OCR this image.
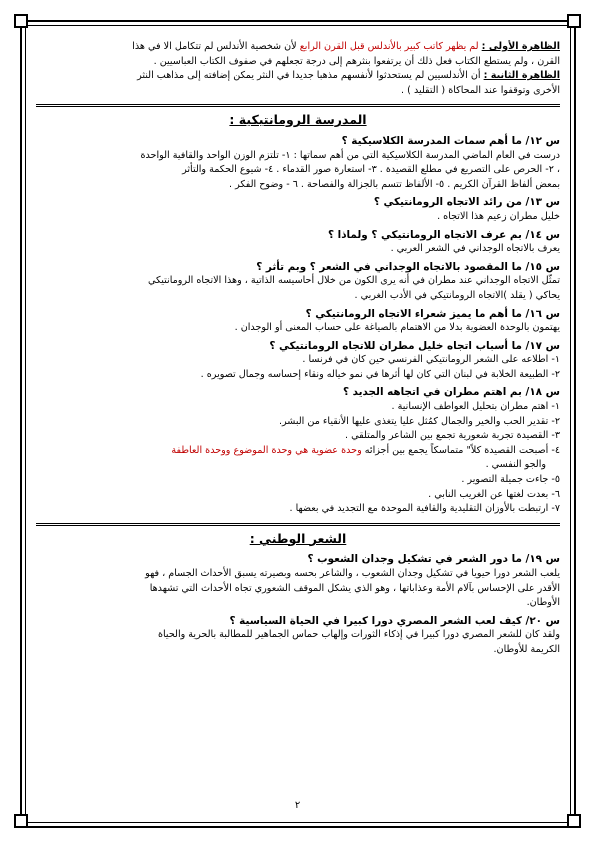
الظاهرة الأولى : لم يظهر كاتب كبير بالأندلس قبل القرن الرابع لأن شخصية الأندلس لم تتكامل الا في هذا

القرن ، ولم يستطع الكتاب فعل ذلك أن يرتفعوا بنثرهم إلى درجة تجعلهم في صفوف الكتاب العباسيين .

الظاهرة الثانية : أن الأندلسيين لم يستحدثوا لأنفسهم مذهبا جديدا في النثر يمكن إضافته إلى مذاهب النثر

الأخرى وتوقفوا عند المحاكاة ( التقليد ) .

المدرسة الرومانتيكية :

س ١٢/ ما أهم سمات المدرسة الكلاسيكية ؟

درست في العام الماضي المدرسة الكلاسيكية التي من أهم سماتها : ١- تلتزم الوزن الواحد والقافية الواحدة

، ٢- الحرص على التصريع في مطلع القصيدة . ٣- استعارة صور القدماء . ٤- شيوع الحكمة والتأثر

بمعض ألفاظ القرآن الكريم . ٥- الألفاظ تتسم بالجزالة والفصاحة . ٦ - وضوح الفكر .

س ١٣/ من رائد الاتجاه الرومانتيكي ؟

خليل مطران زعيم هذا الاتجاه .

س ١٤/ بم عرف الاتجاه الرومانتيكي ؟ ولماذا ؟

يعرف بالاتجاه الوجداني في الشعر العربي .

س ١٥/ ما المقصود بالاتجاه الوجداني في الشعر ؟ وبم تأثر ؟

تمثّل الاتجاه الوجداني عند مطران في أنه يرى الكون من خلال أحاسيسه الذاتية ، وهذا الاتجاه الرومانتيكي

يحاكي ( يقلد )الاتجاه الرومانتيكي في الأدب الغربي .

س ١٦/ ما أهم ما يميز شعراء الاتجاه الرومانتيكي ؟

يهتمون بالوحدة العضوية بدلا من الاهتمام بالصياغة على حساب المعنى أو الوجدان .

س ١٧/ ما أسباب اتجاه خليل مطران للاتجاه الرومانتيكي ؟

١- اطلاعه على الشعر الرومانتيكي الفرنسي حين كان في فرنسا .

٢- الطبيعة الخلابة في لبنان التي كان لها أثرها في نمو خياله ونقاء إحساسه وجمال تصويره .

س ١٨/ بم اهتم مطران في اتجاهه الجديد ؟

١- اهتم مطران بتحليل العواطف الإنسانية .

٢- تقدير الحب والخير والجمال كمُثل عليا يتغذى عليها الأنقياء من البشر.

٣- القصيدة تجربة شعورية تجمع بين الشاعر والمتلقي .

٤- أصبحت القصيدة كلاً" متماسكاً يجمع بين أجزائه وحدة عضوية هي وحدة الموضوع ووحدة العاطفة

والجو النفسي .

٥- جاءت جميلة التصوير .

٦- بعدت لغتها عن الغريب النابي .

٧- ارتبطت بالأوزان التقليدية والقافية الموحدة مع التجديد في بعضها .

الشعر الوطني :

س ١٩/ ما دور الشعر في تشكيل وجدان الشعوب ؟

يلعب الشعر دورا حيويا في تشكيل وجدان الشعوب ، والشاعر بحسه وبصيرته يسبق الأحداث الجسام ، فهو

الأقدر على الإحساس بآلام الأمة وعذاباتها ، وهو الذي يشكل الموقف الشعوري تجاه الأحداث التي تشهدها

الأوطان.

س ٢٠/ كيف لعب الشعر المصري دورا كبيرا في الحياة السياسية ؟

ولقد كان للشعر المصري دورا كبيرا في إذكاء الثورات وإلهاب حماس الجماهير للمطالبة بالحرية والحياة

الكريمة للأوطان.

٢
